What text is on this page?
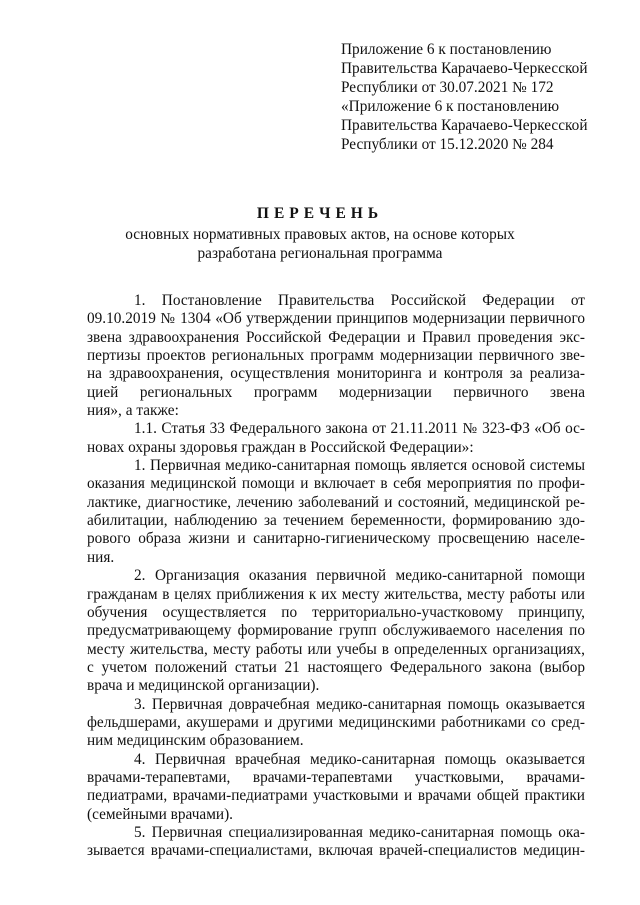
Приложение 6 к постановлению
Правительства Карачаево-Черкесской
Республики от 30.07.2021 № 172
«Приложение 6 к постановлению
Правительства Карачаево-Черкесской
Республики от 15.12.2020 № 284
ПЕРЕЧЕНЬ
основных нормативных правовых актов, на основе которых
разработана региональная программа
1. Постановление Правительства Российской Федерации от
09.10.2019 № 1304 «Об утверждении принципов модернизации первичного
звена здравоохранения Российской Федерации и Правил проведения экс-
пертизы проектов региональных программ модернизации первичного зве-
на здравоохранения, осуществления мониторинга и контроля за реализа-
цией региональных программ модернизации первичного звена
ния», а также:
1.1. Статья 33 Федерального закона от 21.11.2011 № 323-ФЗ «Об ос-
новах охраны здоровья граждан в Российской Федерации»:
1. Первичная медико-санитарная помощь является основой системы
оказания медицинской помощи и включает в себя мероприятия по профи-
лактике, диагностике, лечению заболеваний и состояний, медицинской ре-
абилитации, наблюдению за течением беременности, формированию здо-
рового образа жизни и санитарно-гигиеническому просвещению населе-
ния.
2. Организация оказания первичной медико-санитарной помощи
гражданам в целях приближения к их месту жительства, месту работы или
обучения осуществляется по территориально-участковому принципу,
предусматривающему формирование групп обслуживаемого населения по
месту жительства, месту работы или учебы в определенных организациях,
с учетом положений статьи 21 настоящего Федерального закона (выбор
врача и медицинской организации).
3. Первичная доврачебная медико-санитарная помощь оказывается
фельдшерами, акушерами и другими медицинскими работниками со сред-
ним медицинским образованием.
4. Первичная врачебная медико-санитарная помощь оказывается
врачами-терапевтами, врачами-терапевтами участковыми, врачами-
педиатрами, врачами-педиатрами участковыми и врачами общей практики
(семейными врачами).
5. Первичная специализированная медико-санитарная помощь ока-
зывается врачами-специалистами, включая врачей-специалистов медицин-
